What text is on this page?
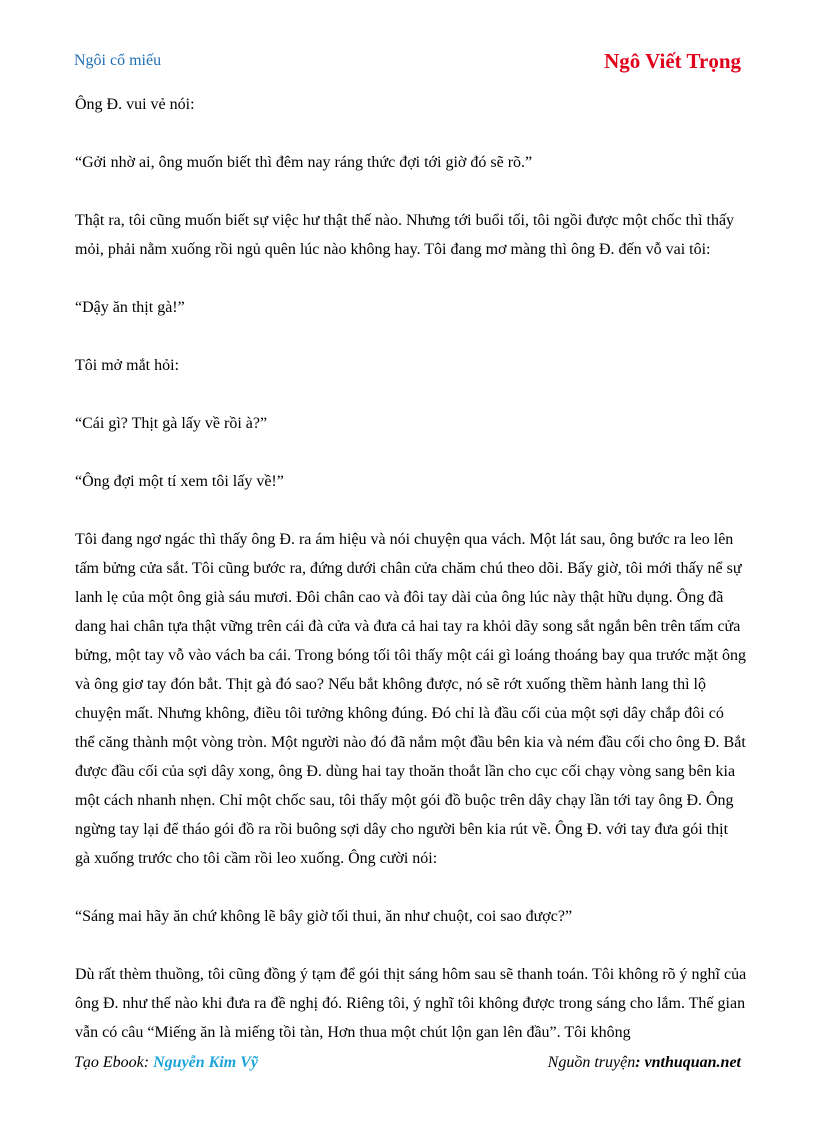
Ngôi cổ miếu	Ngô Viết Trọng

Ông Đ. vui vẻ nói:

“Gởi nhờ ai, ông muốn biết thì đêm nay ráng thức đợi tới giờ đó sẽ rõ.”

Thật ra, tôi cũng muốn biết sự việc hư thật thế nào. Nhưng tới buổi tối, tôi ngồi được một chốc thì thấy mỏi, phải nằm xuống rồi ngủ quên lúc nào không hay. Tôi đang mơ màng thì ông Đ. đến vỗ vai tôi:

“Dậy ăn thịt gà!”

Tôi mở mắt hỏi:

“Cái gì? Thịt gà lấy về rồi à?”

“Ông đợi một tí xem tôi lấy về!”

Tôi đang ngơ ngác thì thấy ông Đ. ra ám hiệu và nói chuyện qua vách. Một lát sau, ông bước ra leo lên tấm bửng cửa sắt. Tôi cũng bước ra, đứng dưới chân cửa chăm chú theo dõi. Bấy giờ, tôi mới thấy nể sự lanh lẹ của một ông già sáu mươi. Đôi chân cao và đôi tay dài của ông lúc này thật hữu dụng. Ông đã dang hai chân tựa thật vững trên cái đà cửa và đưa cả hai tay ra khỏi dãy song sắt ngắn bên trên tấm cửa bửng, một tay vỗ vào vách ba cái. Trong bóng tối tôi thấy một cái gì loáng thoáng bay qua trước mặt ông và ông giơ tay đón bắt. Thịt gà đó sao? Nếu bắt không được, nó sẽ rớt xuống thềm hành lang thì lộ chuyện mất. Nhưng không, điều tôi tưởng không đúng. Đó chỉ là đầu cối của một sợi dây chắp đôi có thể căng thành một vòng tròn. Một người nào đó đã nắm một đầu bên kia và ném đầu cối cho ông Đ. Bắt được đầu cối của sợi dây xong, ông Đ. dùng hai tay thoăn thoắt lần cho cục cối chạy vòng sang bên kia một cách nhanh nhẹn. Chỉ một chốc sau, tôi thấy một gói đồ buộc trên dây chạy lần tới tay ông Đ. Ông ngừng tay lại để tháo gói đồ ra rồi buông sợi dây cho người bên kia rút về. Ông Đ. với tay đưa gói thịt gà xuống trước cho tôi cầm rồi leo xuống. Ông cười nói:

“Sáng mai hãy ăn chứ không lẽ bây giờ tối thui, ăn như chuột, coi sao được?”

Dù rất thèm thuồng, tôi cũng đồng ý tạm để gói thịt sáng hôm sau sẽ thanh toán. Tôi không rõ ý nghĩ của ông Đ. như thế nào khi đưa ra đề nghị đó. Riêng tôi, ý nghĩ tôi không được trong sáng cho lắm. Thế gian vẫn có câu “Miếng ăn là miếng tồi tàn, Hơn thua một chút lộn gan lên đầu”. Tôi không

Tạo Ebook: Nguyễn Kim Vỹ	Nguồn truyện: vnthuquan.net
